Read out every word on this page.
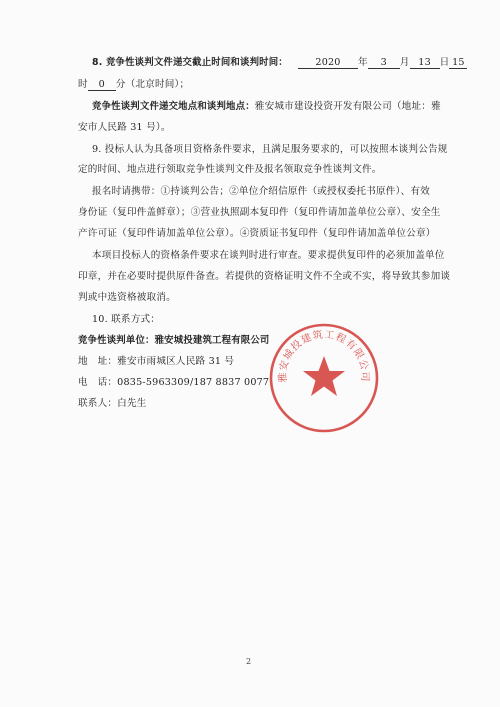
8. 竞争性谈判文件递交截止时间和谈判时间：	2020 年 3 月 13 日 15
时 0 分（北京时间）；
竞争性谈判文件递交地点和谈判地点：雅安城市建设投资开发有限公司（地址：雅
安市人民路 31 号）。
9. 投标人认为具备项目资格条件要求，且满足服务要求的，可以按照本谈判公告规
定的时间、地点进行领取竞争性谈判文件及报名领取竞争性谈判文件。
报名时请携带：①持谈判公告；②单位介绍信原件（或授权委托书原件）、有效
身份证（复印件盖鲜章）；③营业执照副本复印件（复印件请加盖单位公章）、安全生
产许可证（复印件请加盖单位公章）。④资质证书复印件（复印件请加盖单位公章）
本项目投标人的资格条件要求在谈判时进行审查。要求提供复印件的必须加盖单位
印章，并在必要时提供原件备查。若提供的资格证明文件不全或不实，将导致其参加谈
判或中选资格被取消。
10. 联系方式：
竞争性谈判单位：雅安城投建筑工程有限公司
地　址：雅安市雨城区人民路 31 号
电　话：0835-5963309/187 8837 0077
联系人：白先生
雅安城投建筑工程有限公司
2
